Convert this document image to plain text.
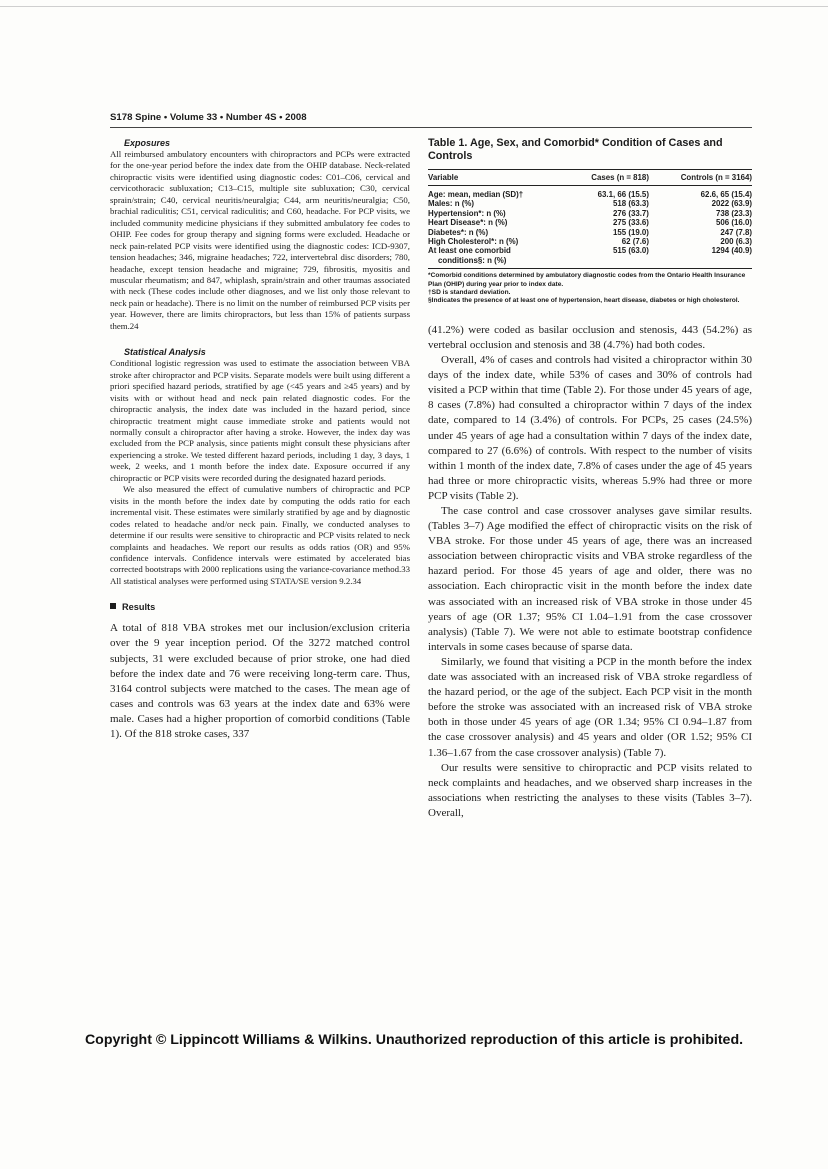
S178 Spine • Volume 33 • Number 4S • 2008
Exposures

All reimbursed ambulatory encounters with chiropractors and PCPs were extracted for the one-year period before the index date from the OHIP database. Neck-related chiropractic visits were identified using diagnostic codes: C01–C06, cervical and cervicothoracic subluxation; C13–C15, multiple site subluxation; C30, cervical sprain/strain; C40, cervical neuritis/neuralgia; C44, arm neuritis/neuralgia; C50, brachial radiculitis; C51, cervical radiculitis; and C60, headache. For PCP visits, we included community medicine physicians if they submitted ambulatory fee codes to OHIP. Fee codes for group therapy and signing forms were excluded. Headache or neck pain-related PCP visits were identified using the diagnostic codes: ICD-9307, tension headaches; 346, migraine headaches; 722, intervertebral disc disorders; 780, headache, except tension headache and migraine; 729, fibrositis, myositis and muscular rheumatism; and 847, whiplash, sprain/strain and other traumas associated with neck (These codes include other diagnoses, and we list only those relevant to neck pain or headache). There is no limit on the number of reimbursed PCP visits per year. However, there are limits chiropractors, but less than 15% of patients surpass them.24

Statistical Analysis

Conditional logistic regression was used to estimate the association between VBA stroke after chiropractor and PCP visits. Separate models were built using different a priori specified hazard periods, stratified by age (<45 years and ≥45 years) and by visits with or without head and neck pain related diagnostic codes. For the chiropractic analysis, the index date was included in the hazard period, since chiropractic treatment might cause immediate stroke and patients would not normally consult a chiropractor after having a stroke. However, the index day was excluded from the PCP analysis, since patients might consult these physicians after experiencing a stroke. We tested different hazard periods, including 1 day, 3 days, 1 week, 2 weeks, and 1 month before the index date. Exposure occurred if any chiropractic or PCP visits were recorded during the designated hazard periods.

We also measured the effect of cumulative numbers of chiropractic and PCP visits in the month before the index date by computing the odds ratio for each incremental visit. These estimates were similarly stratified by age and by diagnostic codes related to headache and/or neck pain. Finally, we conducted analyses to determine if our results were sensitive to chiropractic and PCP visits related to neck complaints and headaches. We report our results as odds ratios (OR) and 95% confidence intervals. Confidence intervals were estimated by accelerated bias corrected bootstraps with 2000 replications using the variance-covariance method.33 All statistical analyses were performed using STATA/SE version 9.2.34

Results

A total of 818 VBA strokes met our inclusion/exclusion criteria over the 9 year inception period. Of the 3272 matched control subjects, 31 were excluded because of prior stroke, one had died before the index date and 76 were receiving long-term care. Thus, 3164 control subjects were matched to the cases. The mean age of cases and controls was 63 years at the index date and 63% were male. Cases had a higher proportion of comorbid conditions (Table 1). Of the 818 stroke cases, 337

Table 1. Age, Sex, and Comorbid* Condition of Cases and Controls
Variable	Cases (n = 818)	Controls (n = 3164)
Age: mean, median (SD)†	63.1, 66 (15.5)	62.6, 65 (15.4)
Males: n (%)	518 (63.3)	2022 (63.9)
Hypertension*: n (%)	276 (33.7)	738 (23.3)
Heart Disease*: n (%)	275 (33.6)	506 (16.0)
Diabetes*: n (%)	155 (19.0)	247 (7.8)
High Cholesterol*: n (%)	62 (7.6)	200 (6.3)
At least one comorbid	515 (63.0)	1294 (40.9)
conditions§: n (%)		
*Comorbid conditions determined by ambulatory diagnostic codes from the Ontario Health Insurance Plan (OHIP) during year prior to index date.
†SD is standard deviation.
§Indicates the presence of at least one of hypertension, heart disease, diabetes or high cholesterol.

(41.2%) were coded as basilar occlusion and stenosis, 443 (54.2%) as vertebral occlusion and stenosis and 38 (4.7%) had both codes.

Overall, 4% of cases and controls had visited a chiropractor within 30 days of the index date, while 53% of cases and 30% of controls had visited a PCP within that time (Table 2). For those under 45 years of age, 8 cases (7.8%) had consulted a chiropractor within 7 days of the index date, compared to 14 (3.4%) of controls. For PCPs, 25 cases (24.5%) under 45 years of age had a consultation within 7 days of the index date, compared to 27 (6.6%) of controls. With respect to the number of visits within 1 month of the index date, 7.8% of cases under the age of 45 years had three or more chiropractic visits, whereas 5.9% had three or more PCP visits (Table 2).

The case control and case crossover analyses gave similar results. (Tables 3–7) Age modified the effect of chiropractic visits on the risk of VBA stroke. For those under 45 years of age, there was an increased association between chiropractic visits and VBA stroke regardless of the hazard period. For those 45 years of age and older, there was no association. Each chiropractic visit in the month before the index date was associated with an increased risk of VBA stroke in those under 45 years of age (OR 1.37; 95% CI 1.04–1.91 from the case crossover analysis) (Table 7). We were not able to estimate bootstrap confidence intervals in some cases because of sparse data.

Similarly, we found that visiting a PCP in the month before the index date was associated with an increased risk of VBA stroke regardless of the hazard period, or the age of the subject. Each PCP visit in the month before the stroke was associated with an increased risk of VBA stroke both in those under 45 years of age (OR 1.34; 95% CI 0.94–1.87 from the case crossover analysis) and 45 years and older (OR 1.52; 95% CI 1.36–1.67 from the case crossover analysis) (Table 7).

Our results were sensitive to chiropractic and PCP visits related to neck complaints and headaches, and we observed sharp increases in the associations when restricting the analyses to these visits (Tables 3–7). Overall,

Copyright © Lippincott Williams & Wilkins. Unauthorized reproduction of this article is prohibited.
